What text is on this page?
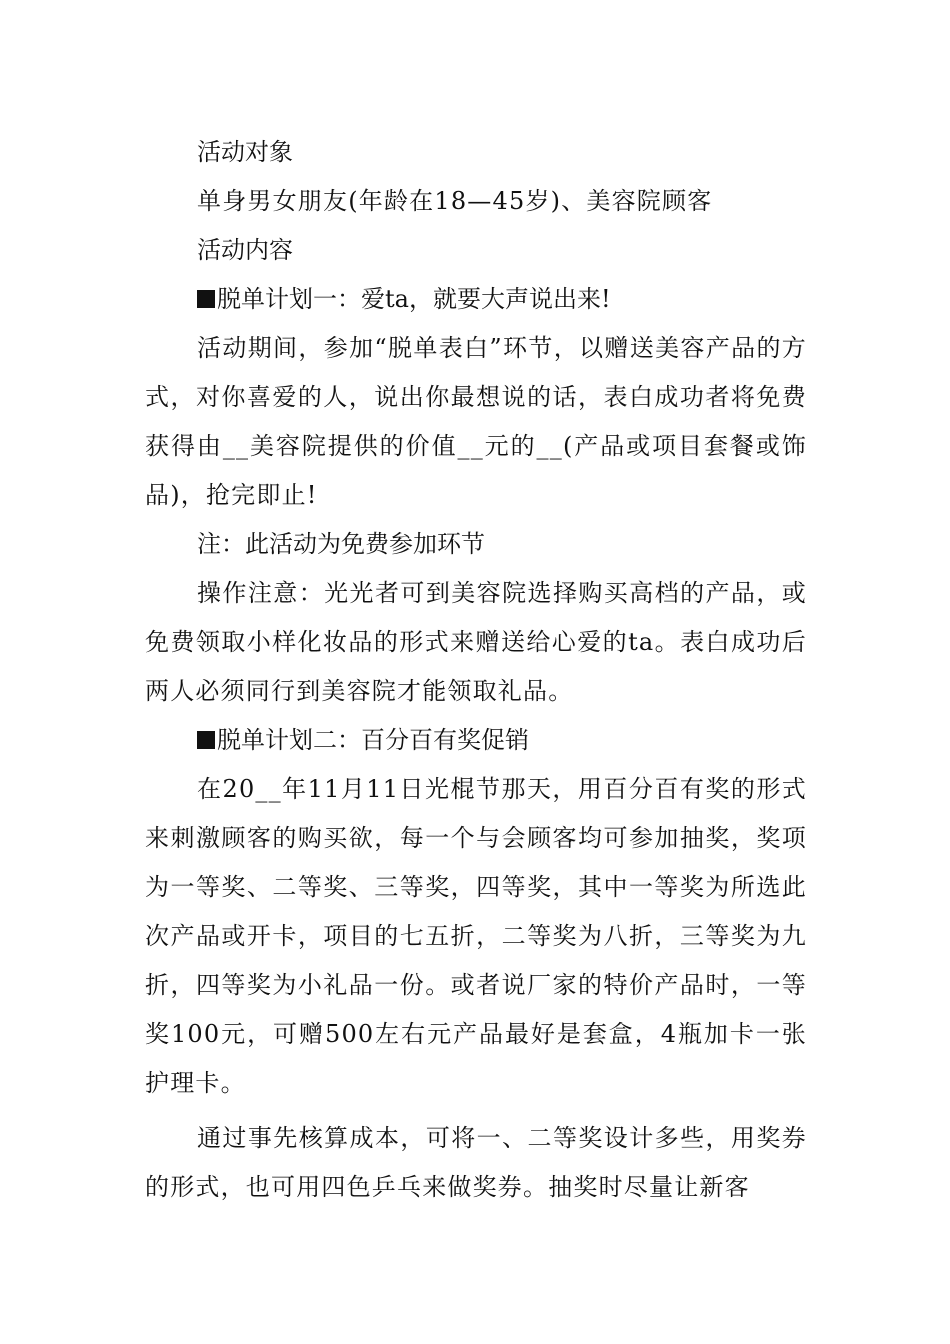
活动对象

单身男女朋友(年龄在18—45岁)、美容院顾客

活动内容

脱单计划一：爱ta，就要大声说出来!

活动期间，参加“脱单表白”环节，以赠送美容产品的方式，对你喜爱的人，说出你最想说的话，表白成功者将免费获得由__美容院提供的价值__元的__(产品或项目套餐或饰品)，抢完即止!

注：此活动为免费参加环节

操作注意：光光者可到美容院选择购买高档的产品，或免费领取小样化妆品的形式来赠送给心爱的ta。表白成功后两人必须同行到美容院才能领取礼品。

脱单计划二：百分百有奖促销

在20__年11月11日光棍节那天，用百分百有奖的形式来刺激顾客的购买欲，每一个与会顾客均可参加抽奖，奖项为一等奖、二等奖、三等奖，四等奖，其中一等奖为所选此次产品或开卡，项目的七五折，二等奖为八折，三等奖为九折，四等奖为小礼品一份。或者说厂家的特价产品时，一等奖100元，可赠500左右元产品最好是套盒，4瓶加卡一张护理卡。

通过事先核算成本，可将一、二等奖设计多些，用奖券的形式，也可用四色乒乓来做奖券。抽奖时尽量让新客
